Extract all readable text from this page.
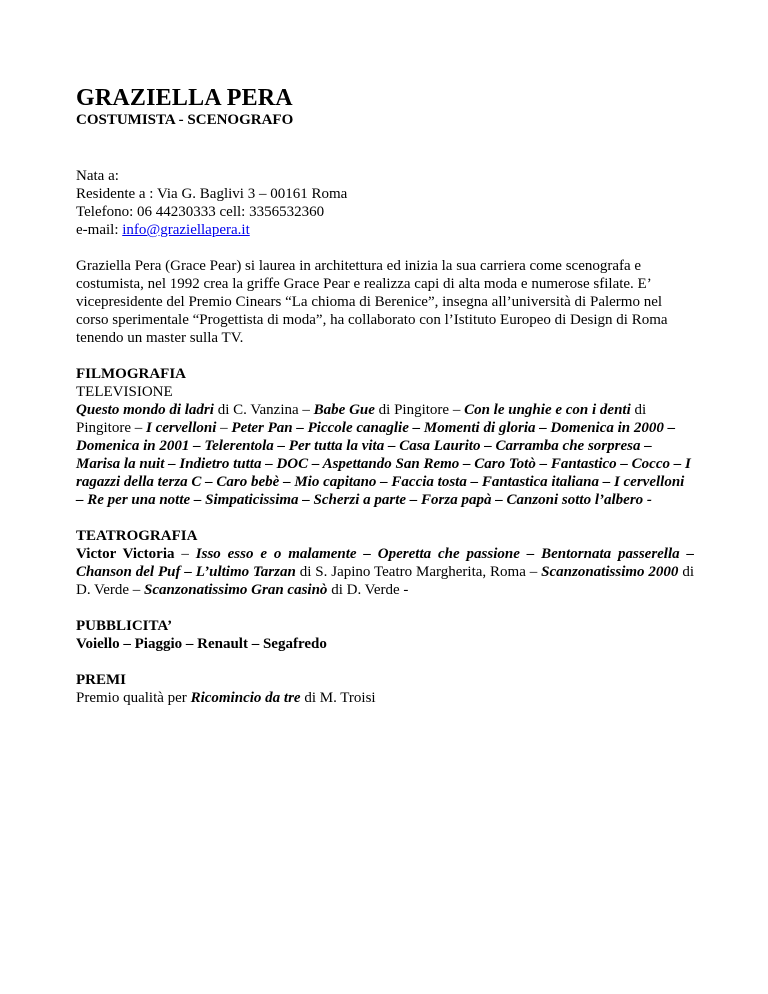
GRAZIELLA PERA
COSTUMISTA - SCENOGRAFO
Nata a:
Residente a : Via G. Baglivi 3 – 00161 Roma
Telefono: 06 44230333 cell: 3356532360
e-mail: info@graziellapera.it
Graziella Pera (Grace Pear) si laurea in architettura ed inizia la sua carriera come scenografa e costumista, nel 1992 crea la griffe Grace Pear e realizza capi di alta moda e numerose sfilate. E’ vicepresidente del Premio Cinears “La chioma di Berenice”, insegna all’università di Palermo nel corso sperimentale “Progettista di moda”, ha collaborato con l’Istituto Europeo di Design di Roma tenendo un master sulla TV.
FILMOGRAFIA
TELEVISIONE
Questo mondo di ladri di C. Vanzina – Babe Gue di Pingitore – Con le unghie e con i denti di Pingitore – I cervelloni – Peter Pan – Piccole canaglie – Momenti di gloria – Domenica in 2000 – Domenica in 2001 – Telerentola – Per tutta la vita – Casa Laurito – Carramba che sorpresa – Marisa la nuit – Indietro tutta – DOC – Aspettando San Remo – Caro Totò – Fantastico – Cocco – I ragazzi della terza C – Caro bebè – Mio capitano – Faccia tosta – Fantastica italiana – I cervelloni – Re per una notte – Simpaticissima – Scherzi a parte – Forza papà – Canzoni sotto l’albero -
TEATROGRAFIA
Victor Victoria – Isso esso e o malamente – Operetta che passione – Bentornata passerella – Chanson del Puf – L’ultimo Tarzan di S. Japino Teatro Margherita, Roma – Scanzonatissimo 2000 di D. Verde – Scanzonatissimo Gran casinò di D. Verde -
PUBBLICITA’
Voiello – Piaggio – Renault – Segafredo
PREMI
Premio qualità per Ricomincio da tre di M. Troisi
